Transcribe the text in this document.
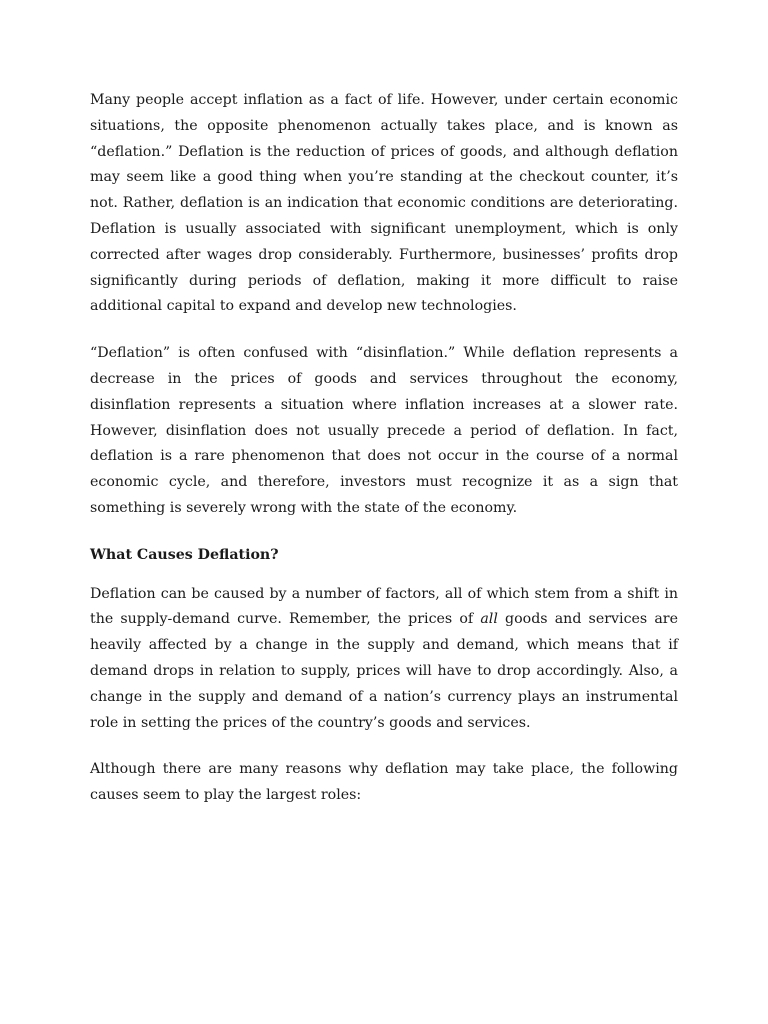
Many people accept inflation as a fact of life. However, under certain economic situations, the opposite phenomenon actually takes place, and is known as “deflation.” Deflation is the reduction of prices of goods, and although deflation may seem like a good thing when you’re standing at the checkout counter, it’s not. Rather, deflation is an indication that economic conditions are deteriorating. Deflation is usually associated with significant unemployment, which is only corrected after wages drop considerably. Furthermore, businesses’ profits drop significantly during periods of deflation, making it more difficult to raise additional capital to expand and develop new technologies.

“Deflation” is often confused with “disinflation.” While deflation represents a decrease in the prices of goods and services throughout the economy, disinflation represents a situation where inflation increases at a slower rate. However, disinflation does not usually precede a period of deflation. In fact, deflation is a rare phenomenon that does not occur in the course of a normal economic cycle, and therefore, investors must recognize it as a sign that something is severely wrong with the state of the economy.

What Causes Deflation?

Deflation can be caused by a number of factors, all of which stem from a shift in the supply-demand curve. Remember, the prices of all goods and services are heavily affected by a change in the supply and demand, which means that if demand drops in relation to supply, prices will have to drop accordingly. Also, a change in the supply and demand of a nation’s currency plays an instrumental role in setting the prices of the country’s goods and services.

Although there are many reasons why deflation may take place, the following causes seem to play the largest roles:
